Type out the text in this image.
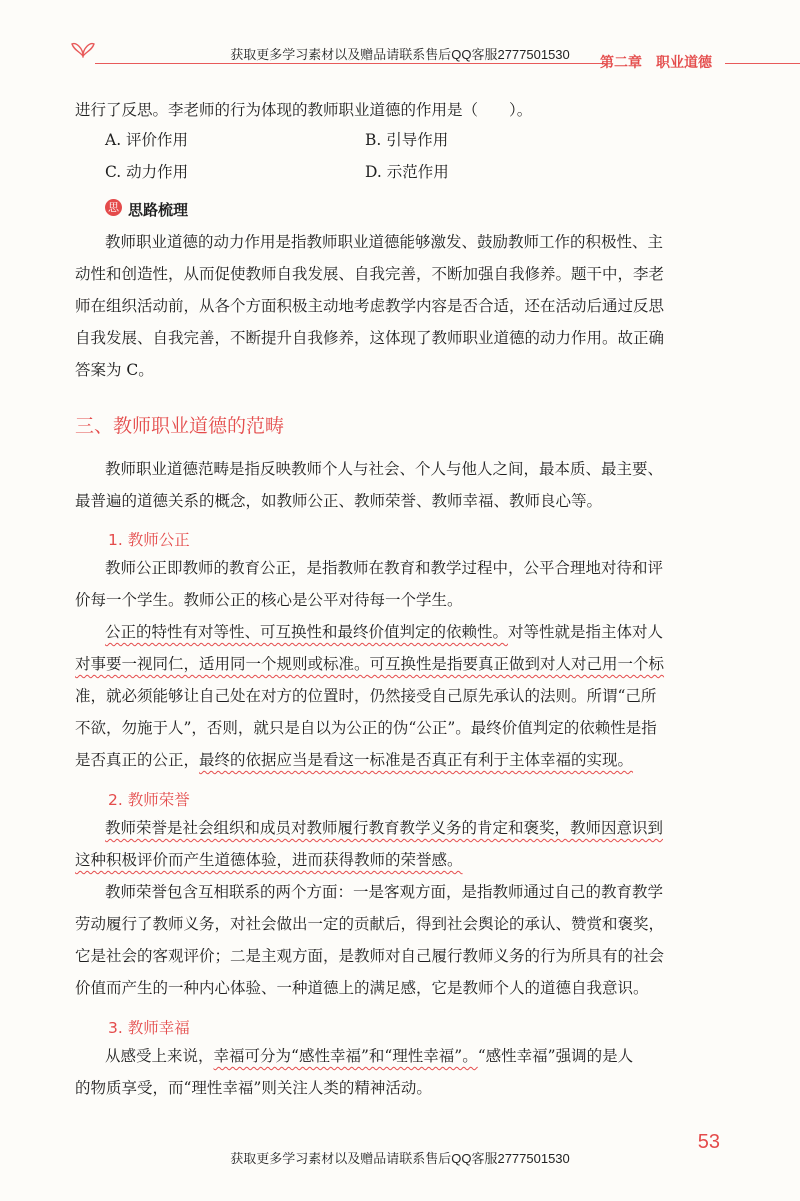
获取更多学习素材以及赠品请联系售后QQ客服2777501530
第二章　职业道德

进行了反思。李老师的行为体现的教师职业道德的作用是（　　）。

A. 评价作用	B. 引导作用

C. 动力作用	D. 示范作用

思 思路梳理

教师职业道德的动力作用是指教师职业道德能够激发、鼓励教师工作的积极性、主

动性和创造性，从而促使教师自我发展、自我完善，不断加强自我修养。题干中，李老

师在组织活动前，从各个方面积极主动地考虑教学内容是否合适，还在活动后通过反思

自我发展、自我完善，不断提升自我修养，这体现了教师职业道德的动力作用。故正确

答案为 C。

三、教师职业道德的范畴

教师职业道德范畴是指反映教师个人与社会、个人与他人之间，最本质、最主要、

最普遍的道德关系的概念，如教师公正、教师荣誉、教师幸福、教师良心等。

1. 教师公正

教师公正即教师的教育公正，是指教师在教育和教学过程中，公平合理地对待和评

价每一个学生。教师公正的核心是公平对待每一个学生。

公正的特性有对等性、可互换性和最终价值判定的依赖性。对等性就是指主体对人

对事要一视同仁，适用同一个规则或标准。可互换性是指要真正做到对人对己用一个标

准，就必须能够让自己处在对方的位置时，仍然接受自己原先承认的法则。所谓“己所

不欲，勿施于人”，否则，就只是自以为公正的伪“公正”。最终价值判定的依赖性是指

是否真正的公正，最终的依据应当是看这一标准是否真正有利于主体幸福的实现。

2. 教师荣誉

教师荣誉是社会组织和成员对教师履行教育教学义务的肯定和褒奖，教师因意识到

这种积极评价而产生道德体验，进而获得教师的荣誉感。

教师荣誉包含互相联系的两个方面：一是客观方面，是指教师通过自己的教育教学

劳动履行了教师义务，对社会做出一定的贡献后，得到社会舆论的承认、赞赏和褒奖，

它是社会的客观评价；二是主观方面，是教师对自己履行教师义务的行为所具有的社会

价值而产生的一种内心体验、一种道德上的满足感，它是教师个人的道德自我意识。

3. 教师幸福

从感受上来说，幸福可分为“感性幸福”和“理性幸福”。“感性幸福”强调的是人

的物质享受，而“理性幸福”则关注人类的精神活动。

53
获取更多学习素材以及赠品请联系售后QQ客服2777501530
